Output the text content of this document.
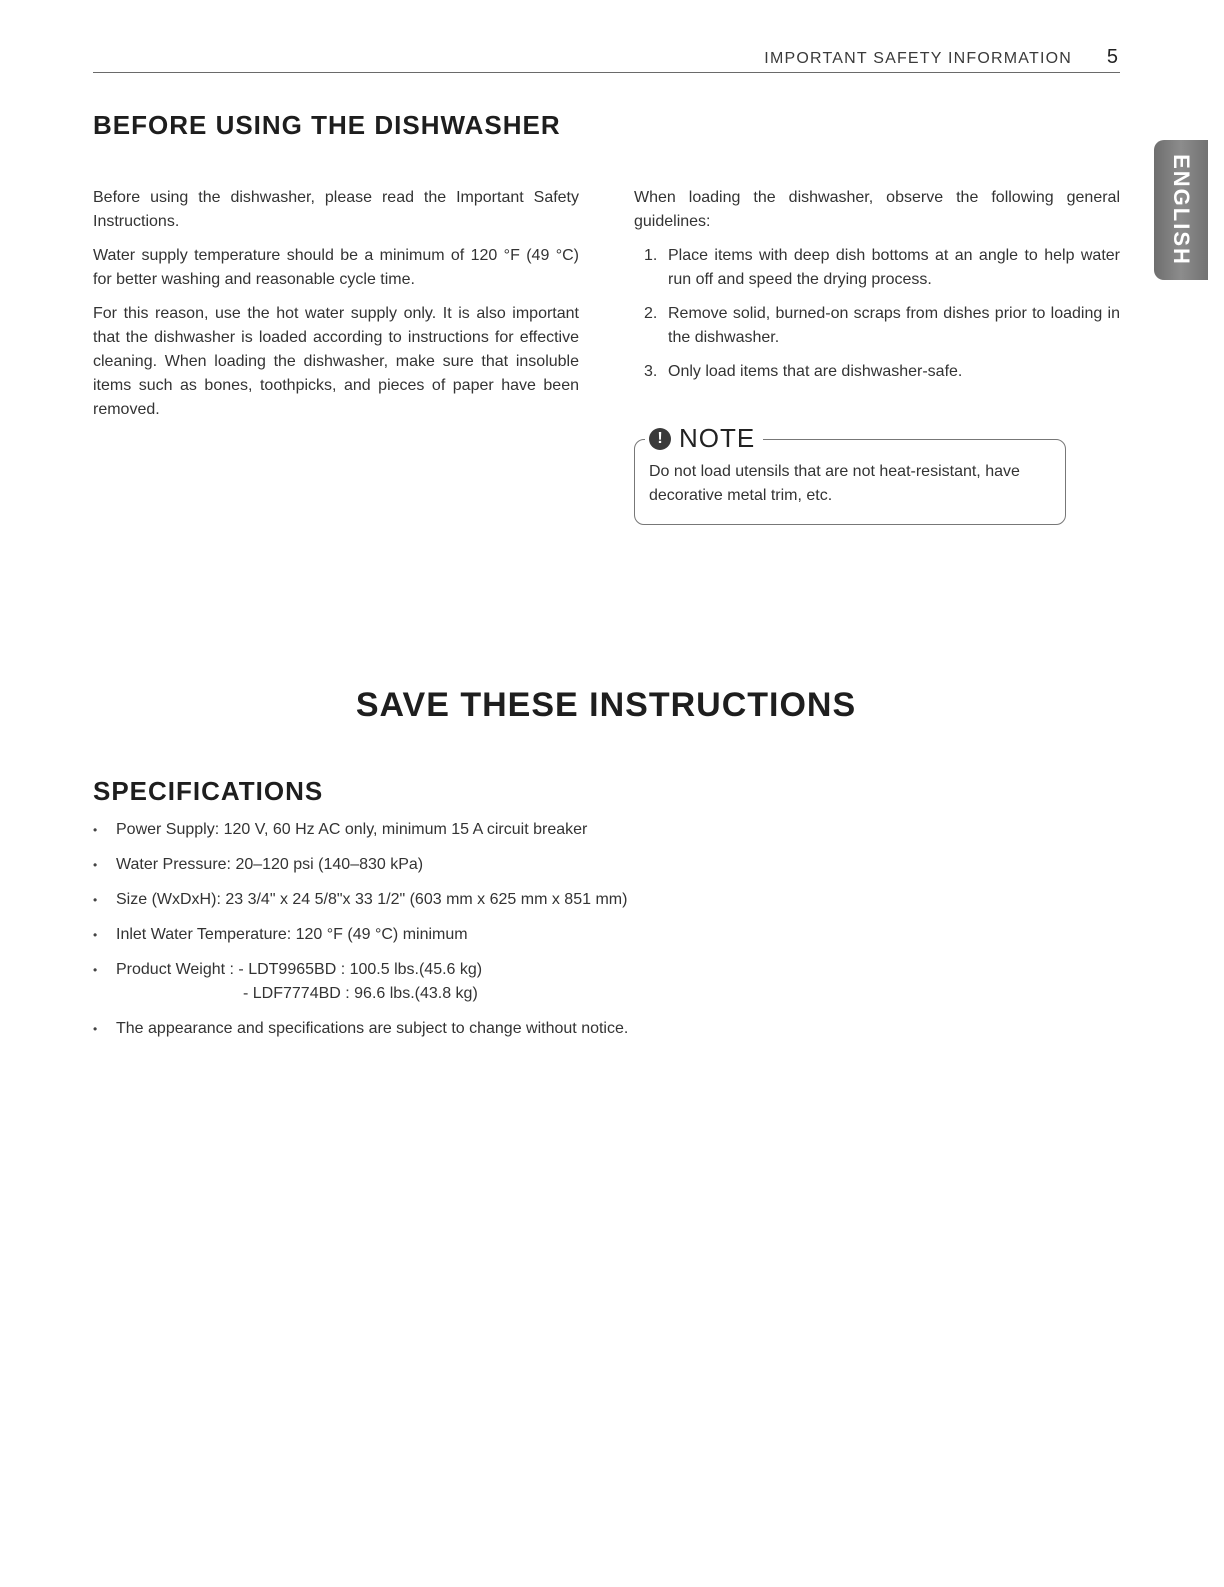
IMPORTANT SAFETY INFORMATION 5
ENGLISH
BEFORE USING THE DISHWASHER

Before using the dishwasher, please read the Important Safety Instructions.

Water supply temperature should be a minimum of 120 °F (49 °C) for better washing and reasonable cycle time.

For this reason, use the hot water supply only. It is also important that the dishwasher is loaded according to instructions for effective cleaning. When loading the dishwasher, make sure that insoluble items such as bones, toothpicks, and pieces of paper have been removed.

When loading the dishwasher, observe the following general guidelines:

1. Place items with deep dish bottoms at an angle to help water run off and speed the drying process.
2. Remove solid, burned-on scraps from dishes prior to loading in the dishwasher.
3. Only load items that are dishwasher-safe.
! NOTE
Do not load utensils that are not heat-resistant, have decorative metal trim, etc.
SAVE THESE INSTRUCTIONS
SPECIFICATIONS
• Power Supply: 120 V, 60 Hz AC only, minimum 15 A circuit breaker
• Water Pressure: 20–120 psi (140–830 kPa)
• Size (WxDxH): 23 3/4" x 24 5/8"x 33 1/2" (603 mm x 625 mm x 851 mm)
• Inlet Water Temperature: 120 °F (49 °C) minimum
• Product Weight : - LDT9965BD : 100.5 lbs.(45.6 kg)
- LDF7774BD : 96.6 lbs.(43.8 kg)
• The appearance and specifications are subject to change without notice.
